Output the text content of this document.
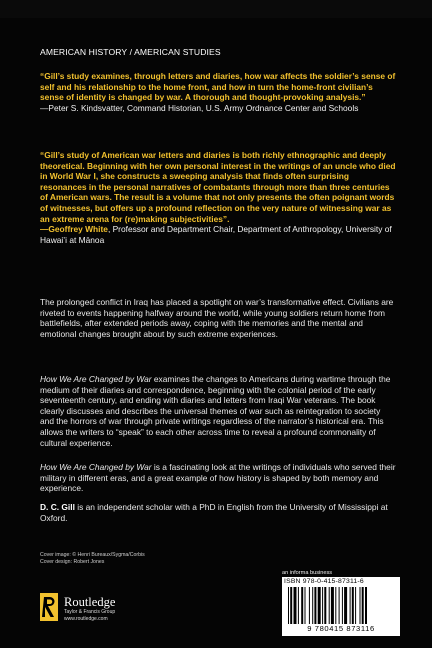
AMERICAN HISTORY / AMERICAN STUDIES
“Gill’s study examines, through letters and diaries, how war affects the soldier’s sense of self and his relationship to the home front, and how in turn the home-front civilian’s sense of identity is changed by war. A thorough and thought-provoking analysis.”
—Peter S. Kindsvatter, Command Historian, U.S. Army Ordnance Center and Schools
“Gill’s study of American war letters and diaries is both richly ethnographic and deeply theoretical. Beginning with her own personal interest in the writings of an uncle who died in World War I, she constructs a sweeping analysis that finds often surprising resonances in the personal narratives of combatants through more than three centuries of American wars. The result is a volume that not only presents the often poignant words of witnesses, but offers up a profound reflection on the very nature of witnessing war as an extreme arena for (re)making subjectivities”.
—Geoffrey White, Professor and Department Chair, Department of Anthropology, University of Hawai’i at Mānoa
The prolonged conflict in Iraq has placed a spotlight on war’s transformative effect. Civilians are riveted to events happening halfway around the world, while young soldiers return home from battlefields, after extended periods away, coping with the memories and the mental and emotional changes brought about by such extreme experiences.
How We Are Changed by War examines the changes to Americans during wartime through the medium of their diaries and correspondence, beginning with the colonial period of the early seventeenth century, and ending with diaries and letters from Iraqi War veterans. The book clearly discusses and describes the universal themes of war such as reintegration to society and the horrors of war through private writings regardless of the narrator’s historical era. This allows the writers to “speak” to each other across time to reveal a profound commonality of cultural experience.
How We Are Changed by War is a fascinating look at the writings of individuals who served their military in different eras, and a great example of how history is shaped by both memory and experience.
D. C. Gill is an independent scholar with a PhD in English from the University of Mississippi at Oxford.
Cover image: © Henri Bureaux/Sygma/Corbis
Cover design: Robert Jones
Routledge
Taylor & Francis Group
www.routledge.com
an informa business
ISBN 978-0-415-87311-6
9 780415 873116
